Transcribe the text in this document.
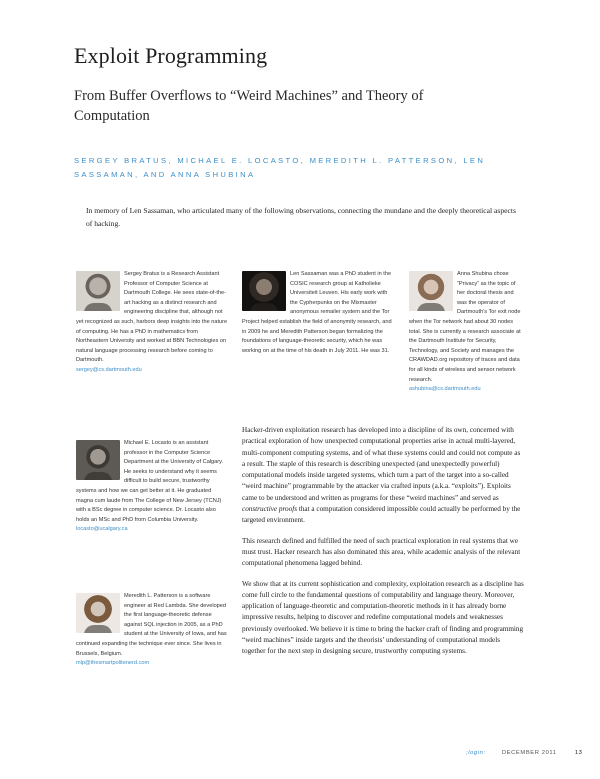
Exploit Programming
From Buffer Overflows to “Weird Machines” and Theory of Computation
SERGEY BRATUS, MICHAEL E. LOCASTO, MEREDITH L. PATTERSON, LEN SASSAMAN, AND ANNA SHUBINA
In memory of Len Sassaman, who articulated many of the following observations, connecting the mundane and the deeply theoretical aspects of hacking.
Sergey Bratus is a Research Assistant Professor of Computer Science at Dartmouth College. He sees state-of-the-art hacking as a distinct research and engineering discipline that, although not yet recognized as such, harbors deep insights into the nature of computing. He has a PhD in mathematics from Northeastern University and worked at BBN Technologies on natural language processing research before coming to Dartmouth.
sergey@cs.dartmouth.edu
Len Sassaman was a PhD student in the COSIC research group at Katholieke Universiteit Leuven. His early work with the Cypherpunks on the Mixmaster anonymous remailer system and the Tor Project helped establish the field of anonymity research, and in 2009 he and Meredith Patterson began formalizing the foundations of language-theoretic security, which he was working on at the time of his death in July 2011. He was 31.
Anna Shubina chose “Privacy” as the topic of her doctoral thesis and was the operator of Dartmouth’s Tor exit node when the Tor network had about 30 nodes total. She is currently a research associate at the Dartmouth Institute for Security, Technology, and Society and manages the CRAWDAD.org repository of traces and data for all kinds of wireless and sensor network research.
ashubina@cs.dartmouth.edu
Michael E. Locasto is an assistant professor in the Computer Science Department at the University of Calgary. He seeks to understand why it seems difficult to build secure, trustworthy systems and how we can get better at it. He graduated magna cum laude from The College of New Jersey (TCNJ) with a BSc degree in computer science. Dr. Locasto also holds an MSc and PhD from Columbia University.
locasto@ucalgary.ca
Meredith L. Patterson is a software engineer at Red Lambda. She developed the first language-theoretic defense against SQL injection in 2005, as a PhD student at the University of Iowa, and has continued expanding the technique ever since. She lives in Brussels, Belgium.
mlp@thesmartpolitenerd.com

Hacker-driven exploitation research has developed into a discipline of its own, concerned with practical exploration of how unexpected computational properties arise in actual multi-layered, multi-component computing systems, and of what these systems could and could not compute as a result. The staple of this research is describing unexpected (and unexpectedly powerful) computational models inside targeted systems, which turn a part of the target into a so-called “weird machine” programmable by the attacker via crafted inputs (a.k.a. “exploits”). Exploits came to be understood and written as programs for these “weird machines” and served as constructive proofs that a computation considered impossible could actually be performed by the targeted environment.

This research defined and fulfilled the need of such practical exploration in real systems that we must trust. Hacker research has also dominated this area, while academic analysis of the relevant computational phenomena lagged behind.

We show that at its current sophistication and complexity, exploitation research as a discipline has come full circle to the fundamental questions of computability and language theory. Moreover, application of language-theoretic and computation-theoretic methods in it has already borne impressive results, helping to discover and redefine computational models and weaknesses previously overlooked. We believe it is time to bring the hacker craft of finding and programming “weird machines” inside targets and the theorists’ understanding of computational models together for the next step in designing secure, trustworthy computing systems.

;login:	DECEMBER 2011	13
